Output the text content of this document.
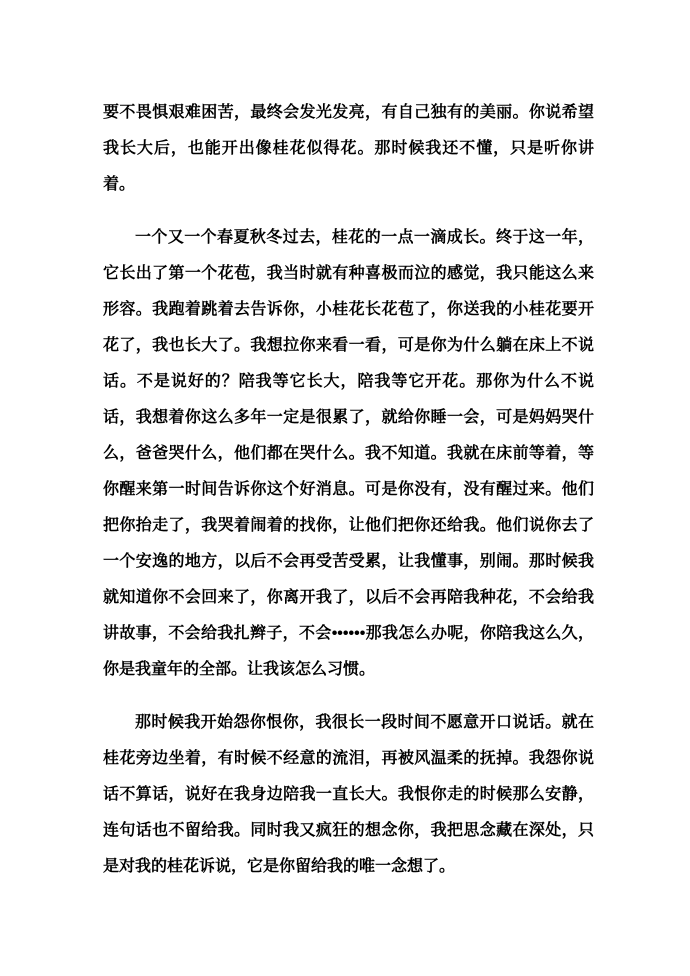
要不畏惧艰难困苦，最终会发光发亮，有自己独有的美丽。你说希望我长大后，也能开出像桂花似得花。那时候我还不懂，只是听你讲着。

一个又一个春夏秋冬过去，桂花的一点一滴成长。终于这一年，它长出了第一个花苞，我当时就有种喜极而泣的感觉，我只能这么来形容。我跑着跳着去告诉你，小桂花长花苞了，你送我的小桂花要开花了，我也长大了。我想拉你来看一看，可是你为什么躺在床上不说话。不是说好的？陪我等它长大，陪我等它开花。那你为什么不说话，我想着你这么多年一定是很累了，就给你睡一会，可是妈妈哭什么，爸爸哭什么，他们都在哭什么。我不知道。我就在床前等着，等你醒来第一时间告诉你这个好消息。可是你没有，没有醒过来。他们把你抬走了，我哭着闹着的找你，让他们把你还给我。他们说你去了一个安逸的地方，以后不会再受苦受累，让我懂事，别闹。那时候我就知道你不会回来了，你离开我了，以后不会再陪我种花，不会给我讲故事，不会给我扎辫子，不会••••••那我怎么办呢，你陪我这么久，你是我童年的全部。让我该怎么习惯。

那时候我开始怨你恨你，我很长一段时间不愿意开口说话。就在桂花旁边坐着，有时候不经意的流泪，再被风温柔的抚掉。我怨你说话不算话，说好在我身边陪我一直长大。我恨你走的时候那么安静，连句话也不留给我。同时我又疯狂的想念你，我把思念藏在深处，只是对我的桂花诉说，它是你留给我的唯一念想了。
